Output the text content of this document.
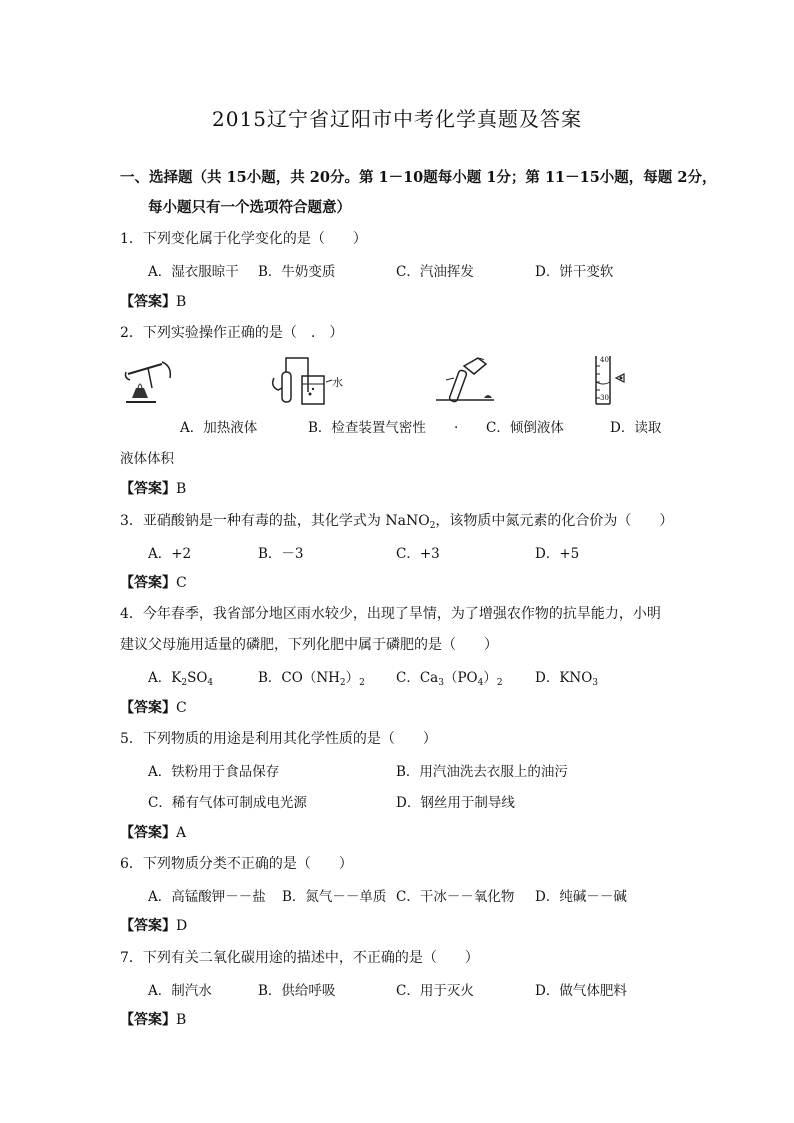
2015辽宁省辽阳市中考化学真题及答案
一、选择题（共 15小题，共 20分。第 1－10题每小题 1分；第 11－15小题，每题 2分，
每小题只有一个选项符合题意）
1．下列变化属于化学变化的是（　　）
A．湿衣服晾干 B．牛奶变质	C．汽油挥发	D．饼干变软
【答案】B
2．下列实验操作正确的是（　.　）
水
40
30
A．加热液体	B．检查装置气密性 . C．倾倒液体	D．读取
液体体积
【答案】B
3．亚硝酸钠是一种有毒的盐，其化学式为 NaNO$_2$，该物质中氮元素的化合价为（　　）
A．+2	B．－3	C．+3	D．+5
【答案】C
4．今年春季，我省部分地区雨水较少，出现了旱情，为了增强农作物的抗旱能力，小明
建议父母施用适量的磷肥，下列化肥中属于磷肥的是（　　）
A．$K_2SO_4$	B．$CO(NH_2)_2$ C．$Ca_3(PO_4)_2$ D．$KNO_3$
【答案】C
5．下列物质的用途是利用其化学性质的是（　　）
A．铁粉用于食品保存	B．用汽油洗去衣服上的油污
C．稀有气体可制成电光源	D．钢丝用于制导线
【答案】A
6．下列物质分类不正确的是（　　）
A．高锰酸钾－－盐 B．氮气－－单质 C．干冰－－氧化物 D．纯碱－－碱
【答案】D
7．下列有关二氧化碳用途的描述中，不正确的是（　　）
A．制汽水	B．供给呼吸	C．用于灭火	D．做气体肥料
【答案】B
